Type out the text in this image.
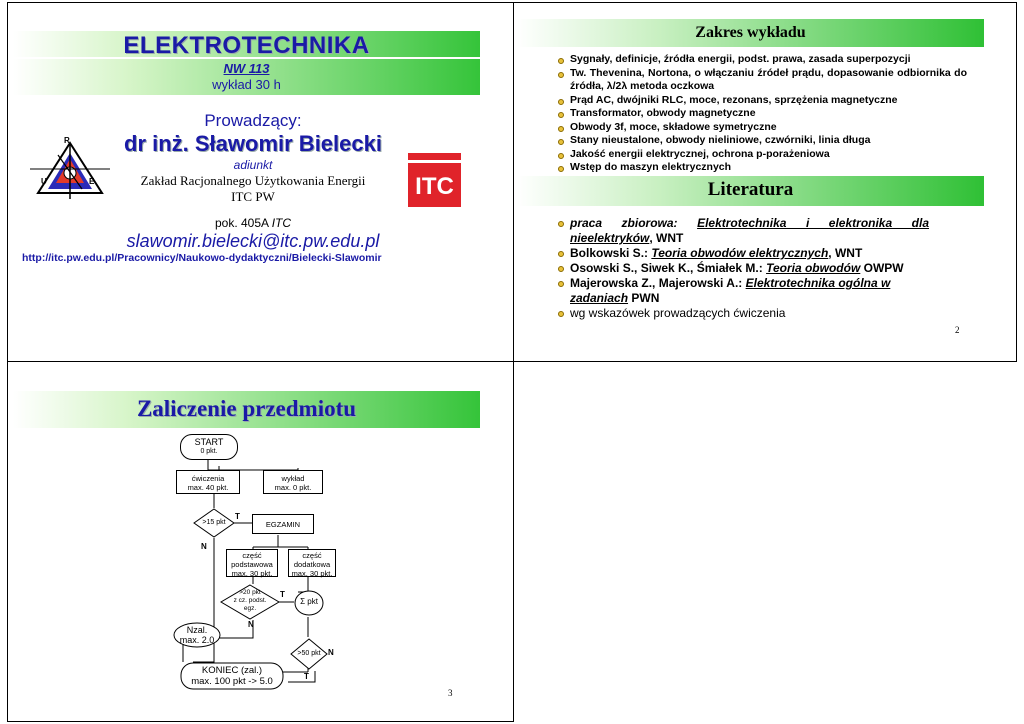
ELEKTROTECHNIKA
NW 113
wykład 30 h
Prowadzący:
dr inż. Sławomir Bielecki
adiunkt
Zakład Racjonalnego Użytkowania Energii
ITC PW
R
U	E	ITC
pok. 405A ITC
slawomir.bielecki@itc.pw.edu.pl
http://itc.pw.edu.pl/Pracownicy/Naukowo-dydaktyczni/Bielecki-Slawomir
Zakres wykładu
Sygnały, definicje, źródła energii, podst. prawa, zasada superpozycji
Tw. Thevenina, Nortona, o włączaniu źródeł prądu, dopasowanie odbiornika do źródła, λ/2λ metoda oczkowa
Prąd AC, dwójniki RLC, moce, rezonans, sprzężenia magnetyczne
Transformator, obwody magnetyczne
Obwody 3f, moce, składowe symetryczne
Stany nieustalone, obwody nieliniowe, czwórniki, linia długa
Jakość energii elektrycznej, ochrona p-porażeniowa
Wstęp do maszyn elektrycznych
Literatura
praca zbiorowa: Elektrotechnika i elektronika dla nieelektryków, WNT
Bolkowski S.: Teoria obwodów elektrycznych, WNT
Osowski S., Siwek K., Śmiałek M.: Teoria obwodów OWPW
Majerowska Z., Majerowski A.: Elektrotechnika ogólna w zadaniach PWN
wg wskazówek prowadzących ćwiczenia
2
Zaliczenie przedmiotu
START
0 pkt.
ćwiczenia
max. 40 pkt.
wykład
max. 0 pkt.
>15 pkt
T
N
EGZAMIN
część
podstawowa
max. 30 pkt.
część
dodatkowa
max. 30 pkt.
>20 pkt
z cz. podst.
egz.
T
N
Σ pkt
Nzal.
max. 2.0
>50 pkt
T
N
KONIEC (zal.)
max. 100 pkt -> 5.0
3
